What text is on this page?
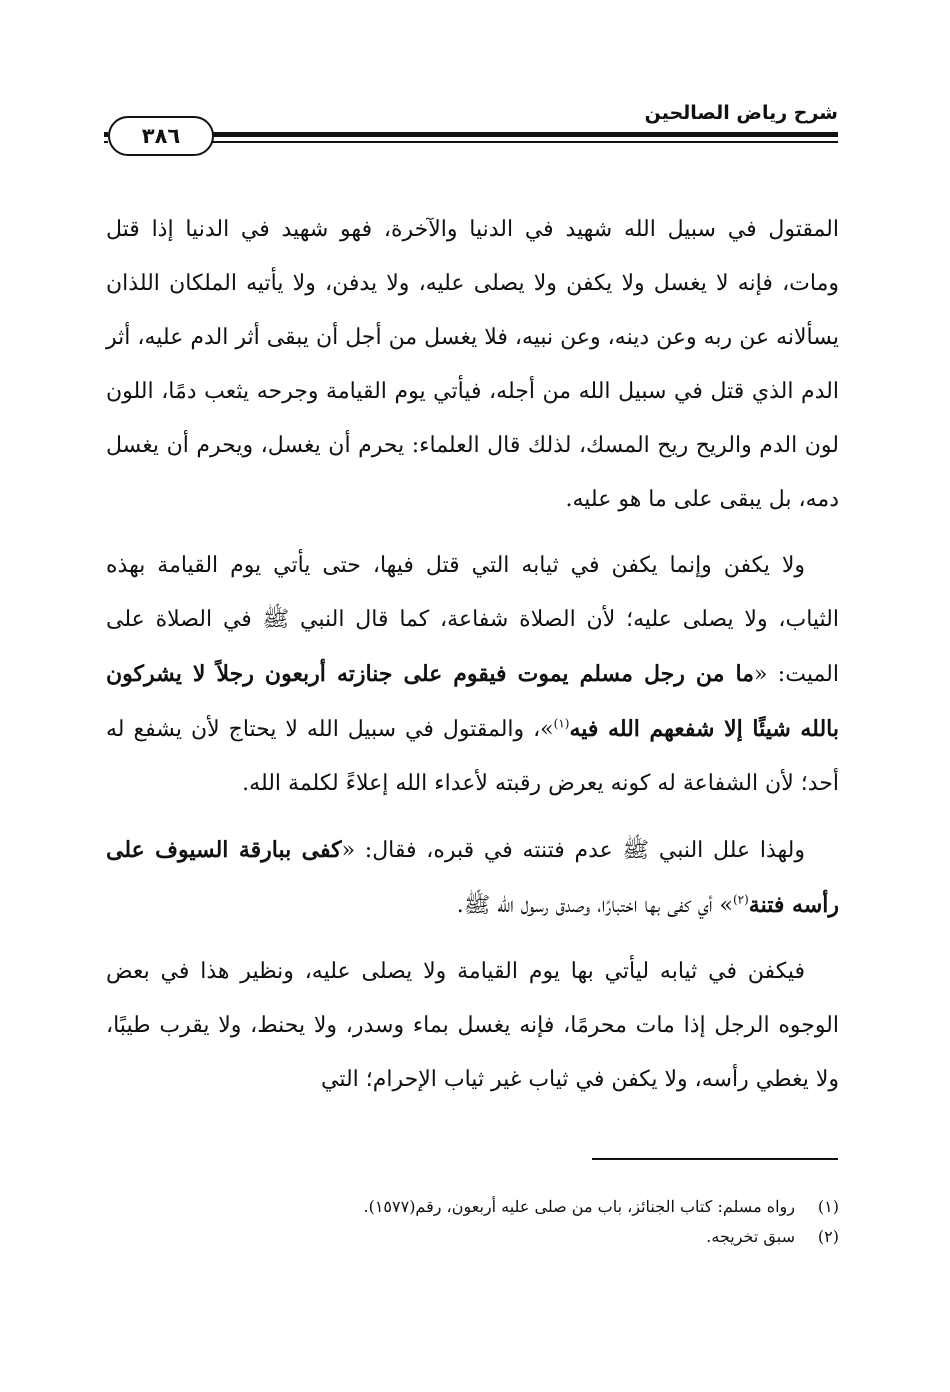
شرح رياض الصالحين
٣٨٦

المقتول في سبيل الله شهيد في الدنيا والآخرة، فهو شهيد في الدنيا إذا قتل ومات، فإنه لا يغسل ولا يكفن ولا يصلى عليه، ولا يدفن، ولا يأتيه الملكان اللذان يسألانه عن ربه وعن دينه، وعن نبيه، فلا يغسل من أجل أن يبقى أثر الدم عليه، أثر الدم الذي قتل في سبيل الله من أجله، فيأتي يوم القيامة وجرحه يثعب دمًا، اللون لون الدم والريح ريح المسك، لذلك قال العلماء: يحرم أن يغسل، ويحرم أن يغسل دمه، بل يبقى على ما هو عليه.

ولا يكفن وإنما يكفن في ثيابه التي قتل فيها، حتى يأتي يوم القيامة بهذه الثياب، ولا يصلى عليه؛ لأن الصلاة شفاعة، كما قال النبي ﷺ في الصلاة على الميت: «ما من رجل مسلم يموت فيقوم على جنازته أربعون رجلاً لا يشركون بالله شيئًا إلا شفعهم الله فيه$^{(١)}$»، والمقتول في سبيل الله لا يحتاج لأن يشفع له أحد؛ لأن الشفاعة له كونه يعرض رقبته لأعداء الله إعلاءً لكلمة الله.

ولهذا علل النبي ﷺ عدم فتنته في قبره، فقال: «كفى ببارقة السيوف على رأسه فتنة$^{(٢)}$» أي كفى بها اختبارًا، وصدق رسول الله ﷺ.

فيكفن في ثيابه ليأتي بها يوم القيامة ولا يصلى عليه، ونظير هذا في بعض الوجوه الرجل إذا مات محرمًا، فإنه يغسل بماء وسدر، ولا يحنط، ولا يقرب طيبًا، ولا يغطي رأسه، ولا يكفن في ثياب غير ثياب الإحرام؛ التي

(١)رواه مسلم: كتاب الجنائز، باب من صلى عليه أربعون، رقم(١٥٧٧).
(٢)سبق تخريجه.
